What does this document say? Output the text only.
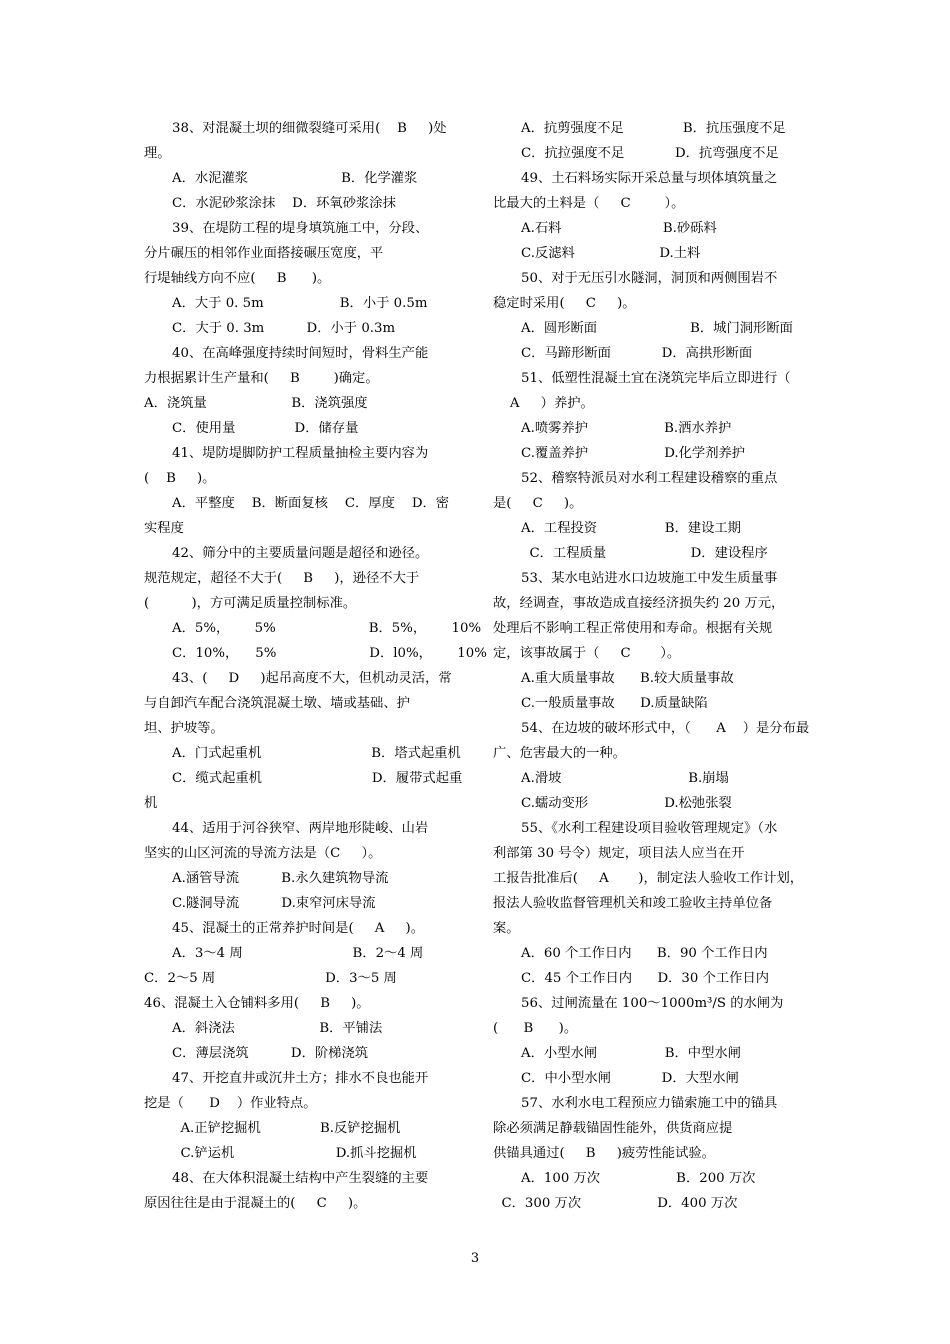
38、对混凝土坝的细微裂缝可采用(    B     )处
理。
A．水泥灌浆                      B．化学灌浆
C．水泥砂浆涂抹    D．环氧砂浆涂抹
39、在堤防工程的堤身填筑施工中，分段、
分片碾压的相邻作业面搭接碾压宽度，平
行堤轴线方向不应(     B      )。
A．大于 0. 5m                  B．小于 0.5m
C．大于 0. 3m          D．小于 0.3m
40、在高峰强度持续时间短时，骨料生产能
力根据累计生产量和(     B        )确定。
A．浇筑量                    B．浇筑强度
C．使用量              D．储存量
41、堤防堤脚防护工程质量抽检主要内容为
(    B     )。
A．平整度    B．断面复核    C．厚度    D．密
实程度
42、筛分中的主要质量问题是超径和逊径。
规范规定，超径不大于(     B     )，逊径不大于
(          )，方可满足质量控制标准。
A．5%，      5%                      B．5%，      10%
C．10%，    5%                      D．l0%，      10%
43、(     D     )起吊高度不大，但机动灵活，常
与自卸汽车配合浇筑混凝土墩、墙或基础、护
坦、护坡等。
A．门式起重机                          B．塔式起重机
C．缆式起重机                          D．履带式起重
机
44、适用于河谷狭窄、两岸地形陡峻、山岩
坚实的山区河流的导流方法是（C     ）。
A.涵管导流          B.永久建筑物导流
C.隧洞导流          D.束窄河床导流
45、混凝土的正常养护时间是(     A     )。
A．3～4 周                          B．2～4 周
C．2～5 周                          D．3～5 周
46、混凝土入仓铺料多用(     B     )。
A．斜浇法                    B．平铺法
C．薄层浇筑          D．阶梯浇筑
47、开挖直井或沉井土方；排水不良也能开
挖是（      D    ）作业特点。
A.正铲挖掘机              B.反铲挖掘机
C.铲运机                        D.抓斗挖掘机
48、在大体积混凝土结构中产生裂缝的主要
原因往往是由于混凝土的(     C     )。
A．抗剪强度不足              B．抗压强度不足
C．抗拉强度不足            D．抗弯强度不足
49、土石料场实际开采总量与坝体填筑量之
比最大的土料是（     C        ）。
A.石料                        B.砂砾料
C.反滤料                    D.土料
50、对于无压引水隧洞，洞顶和两侧围岩不
稳定时采用(     C     )。
A．圆形断面                      B．城门洞形断面
C．马蹄形断面            D．高拱形断面
51、低塑性混凝土宜在浇筑完毕后立即进行（
A     ）养护。
A.喷雾养护                  B.洒水养护
C.覆盖养护                  D.化学剂养护
52、稽察特派员对水利工程建设稽察的重点
是(     C     )。
A．工程投资                B．建设工期
C．工程质量                    D．建设程序
53、某水电站进水口边坡施工中发生质量事
故，经调查，事故造成直接经济损失约 20 万元，
处理后不影响工程正常使用和寿命。根据有关规
定，该事故属于（     C       ）。
A.重大质量事故      B.较大质量事故
C.一般质量事故      D.质量缺陷
54、在边坡的破坏形式中，（      A    ）是分布最
广、危害最大的一种。
A.滑坡                              B.崩塌
C.蠕动变形                  D.松弛张裂
55、《水利工程建设项目验收管理规定》（水
利部第 30 号令）规定，项目法人应当在开
工报告批准后(     A       )，制定法人验收工作计划，
报法人验收监督管理机关和竣工验收主持单位备
案。
A．60 个工作日内      B．90 个工作日内
C．45 个工作日内      D．30 个工作日内
56、过闸流量在 100～1000m³/S 的水闸为
(      B      )。
A．小型水闸                B．中型水闸
C．中小型水闸            D．大型水闸
57、水利水电工程预应力锚索施工中的锚具
除必须满足静载锚固性能外，供货商应提
供锚具通过(     B     )疲劳性能试验。
A．100 万次                  B．200 万次
C．300 万次                  D．400 万次
3
